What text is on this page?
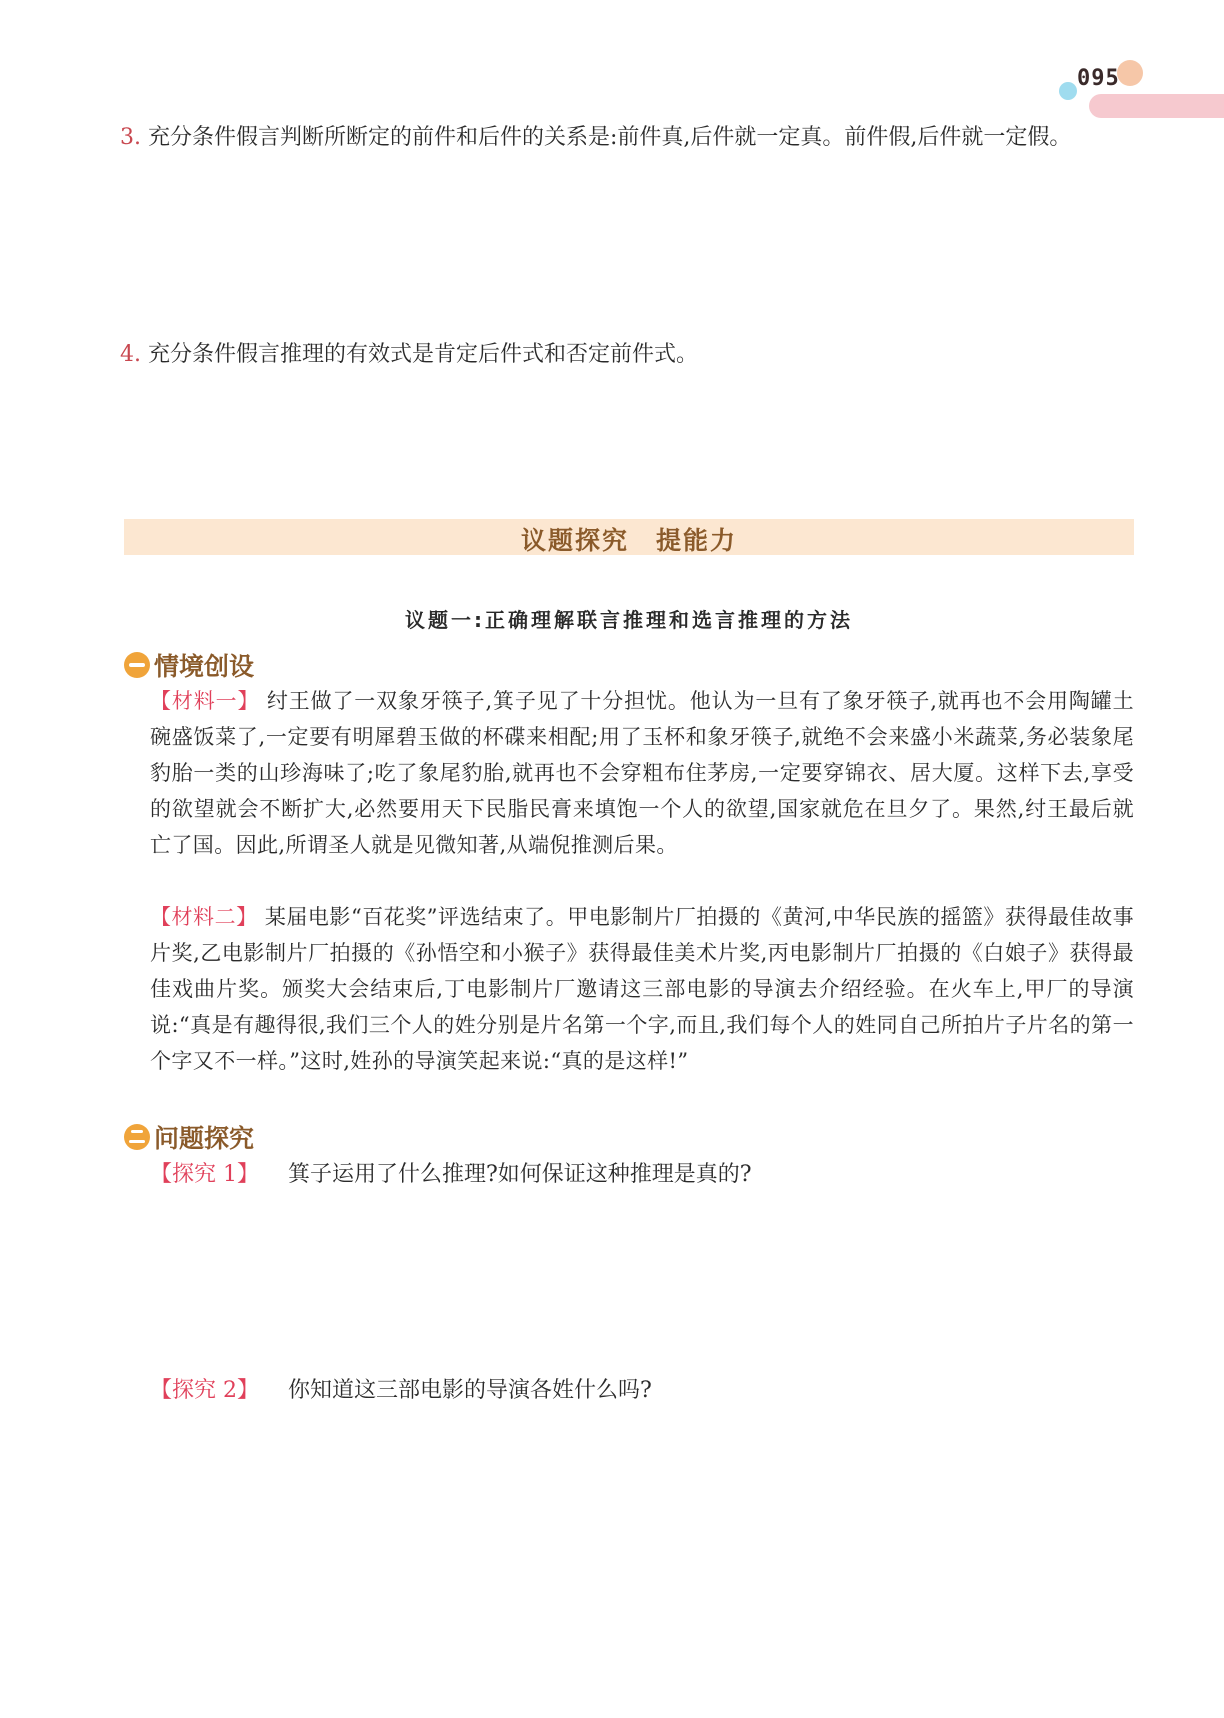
095
3. 充分条件假言判断所断定的前件和后件的关系是:前件真,后件就一定真。前件假,后件就一定假。
4. 充分条件假言推理的有效式是肯定后件式和否定前件式。
议题探究　提能力
议题一:正确理解联言推理和选言推理的方法
情境创设
【材料一】 纣王做了一双象牙筷子,箕子见了十分担忧。他认为一旦有了象牙筷子,就再也不会用陶罐土碗盛饭菜了,一定要有明犀碧玉做的杯碟来相配;用了玉杯和象牙筷子,就绝不会来盛小米蔬菜,务必装象尾豹胎一类的山珍海味了;吃了象尾豹胎,就再也不会穿粗布住茅房,一定要穿锦衣、居大厦。这样下去,享受的欲望就会不断扩大,必然要用天下民脂民膏来填饱一个人的欲望,国家就危在旦夕了。果然,纣王最后就亡了国。因此,所谓圣人就是见微知著,从端倪推测后果。
【材料二】 某届电影“百花奖”评选结束了。甲电影制片厂拍摄的《黄河,中华民族的摇篮》获得最佳故事片奖,乙电影制片厂拍摄的《孙悟空和小猴子》获得最佳美术片奖,丙电影制片厂拍摄的《白娘子》获得最佳戏曲片奖。颁奖大会结束后,丁电影制片厂邀请这三部电影的导演去介绍经验。在火车上,甲厂的导演说:“真是有趣得很,我们三个人的姓分别是片名第一个字,而且,我们每个人的姓同自己所拍片子片名的第一个字又不一样。”这时,姓孙的导演笑起来说:“真的是这样!”
问题探究
【探究 1】 箕子运用了什么推理?如何保证这种推理是真的?
【探究 2】 你知道这三部电影的导演各姓什么吗?
